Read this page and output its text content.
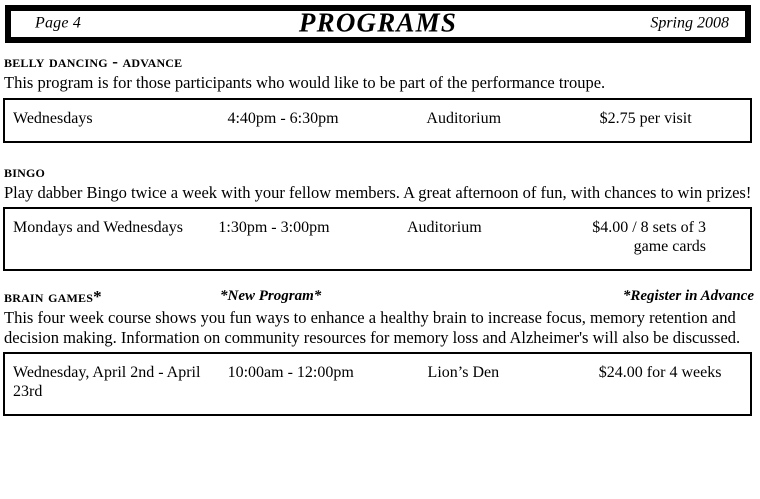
Page 4	PROGRAMS	Spring 2008
belly dancing - advance
This program is for those participants who would like to be part of the performance troupe.

Wednesdays	4:40pm - 6:30pm	Auditorium	$2.75 per visit

bingo
Play dabber Bingo twice a week with your fellow members. A great afternoon of fun, with chances to win prizes!

Mondays and Wednesdays	1:30pm - 3:00pm	Auditorium	$4.00 / 8 sets of 3 game cards

brain games*	*New Program*	*Register in Advance
This four week course shows you fun ways to enhance a healthy brain to increase focus, memory retention and decision making. Information on community resources for memory loss and Alzheimer's will also be discussed.

Wednesday, April 2nd - April 23rd	10:00am - 12:00pm	Lion’s Den	$24.00 for 4 weeks
